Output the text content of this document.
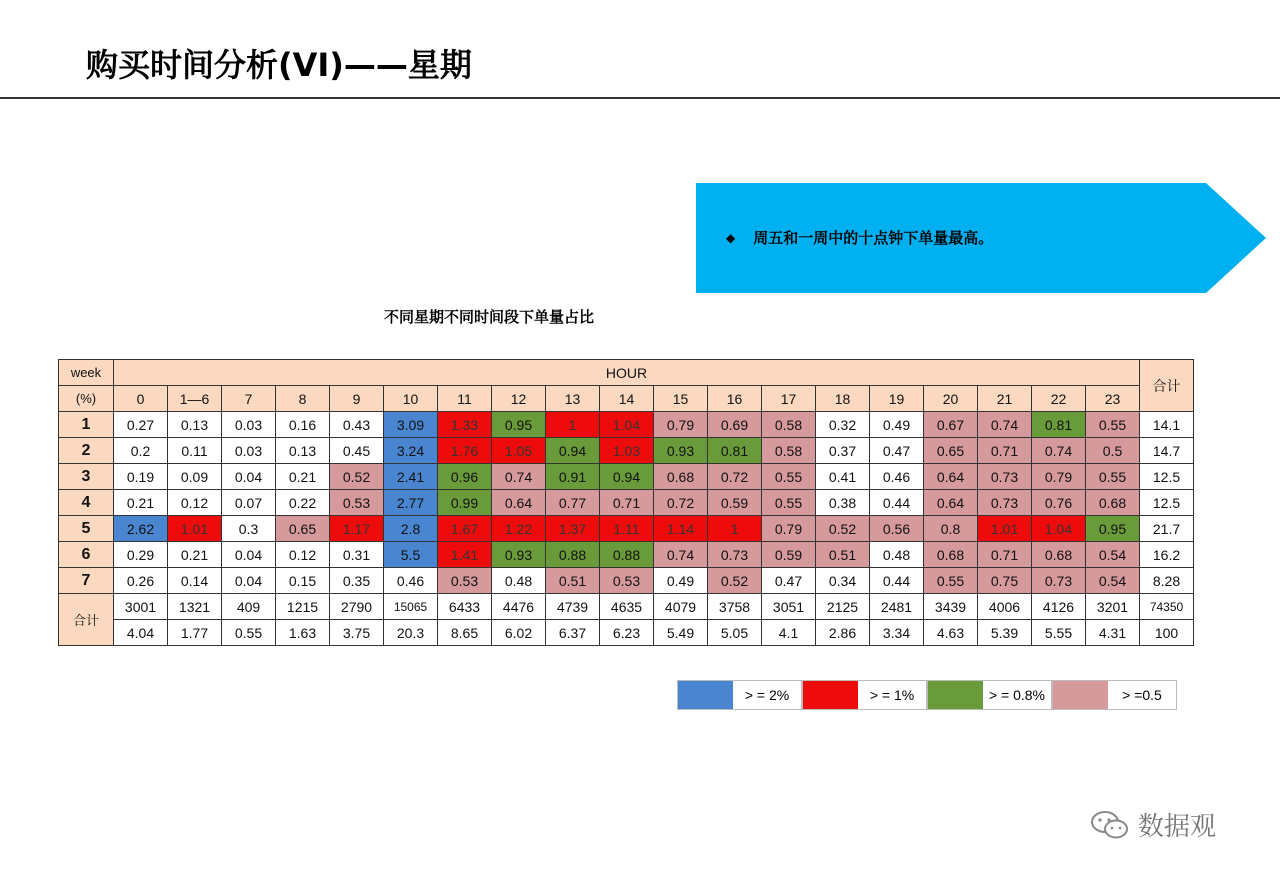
购买时间分析(VI)——星期
◆ 周五和一周中的十点钟下单量最高。
不同星期不同时间段下单量占比
week	HOUR																			合计
(%)	0	1—6	7	8	9	10	11	12	13	14	15	16	17	18	19	20	21	22	23	
1	0.27	0.13	0.03	0.16	0.43	3.09	1.33	0.95	1	1.04	0.79	0.69	0.58	0.32	0.49	0.67	0.74	0.81	0.55	14.1
2	0.2	0.11	0.03	0.13	0.45	3.24	1.76	1.05	0.94	1.03	0.93	0.81	0.58	0.37	0.47	0.65	0.71	0.74	0.5	14.7
3	0.19	0.09	0.04	0.21	0.52	2.41	0.96	0.74	0.91	0.94	0.68	0.72	0.55	0.41	0.46	0.64	0.73	0.79	0.55	12.5
4	0.21	0.12	0.07	0.22	0.53	2.77	0.99	0.64	0.77	0.71	0.72	0.59	0.55	0.38	0.44	0.64	0.73	0.76	0.68	12.5
5	2.62	1.01	0.3	0.65	1.17	2.8	1.67	1.22	1.37	1.11	1.14	1	0.79	0.52	0.56	0.8	1.01	1.04	0.95	21.7
6	0.29	0.21	0.04	0.12	0.31	5.5	1.41	0.93	0.88	0.88	0.74	0.73	0.59	0.51	0.48	0.68	0.71	0.68	0.54	16.2
7	0.26	0.14	0.04	0.15	0.35	0.46	0.53	0.48	0.51	0.53	0.49	0.52	0.47	0.34	0.44	0.55	0.75	0.73	0.54	8.28
合计	3001	1321	409	1215	2790	15065	6433	4476	4739	4635	4079	3758	3051	2125	2481	3439	4006	4126	3201	74350
	4.04	1.77	0.55	1.63	3.75	20.3	8.65	6.02	6.37	6.23	5.49	5.05	4.1	2.86	3.34	4.63	5.39	5.55	4.31	100
> = 2%	> = 1%	> = 0.8%	> =0.5
数据观
